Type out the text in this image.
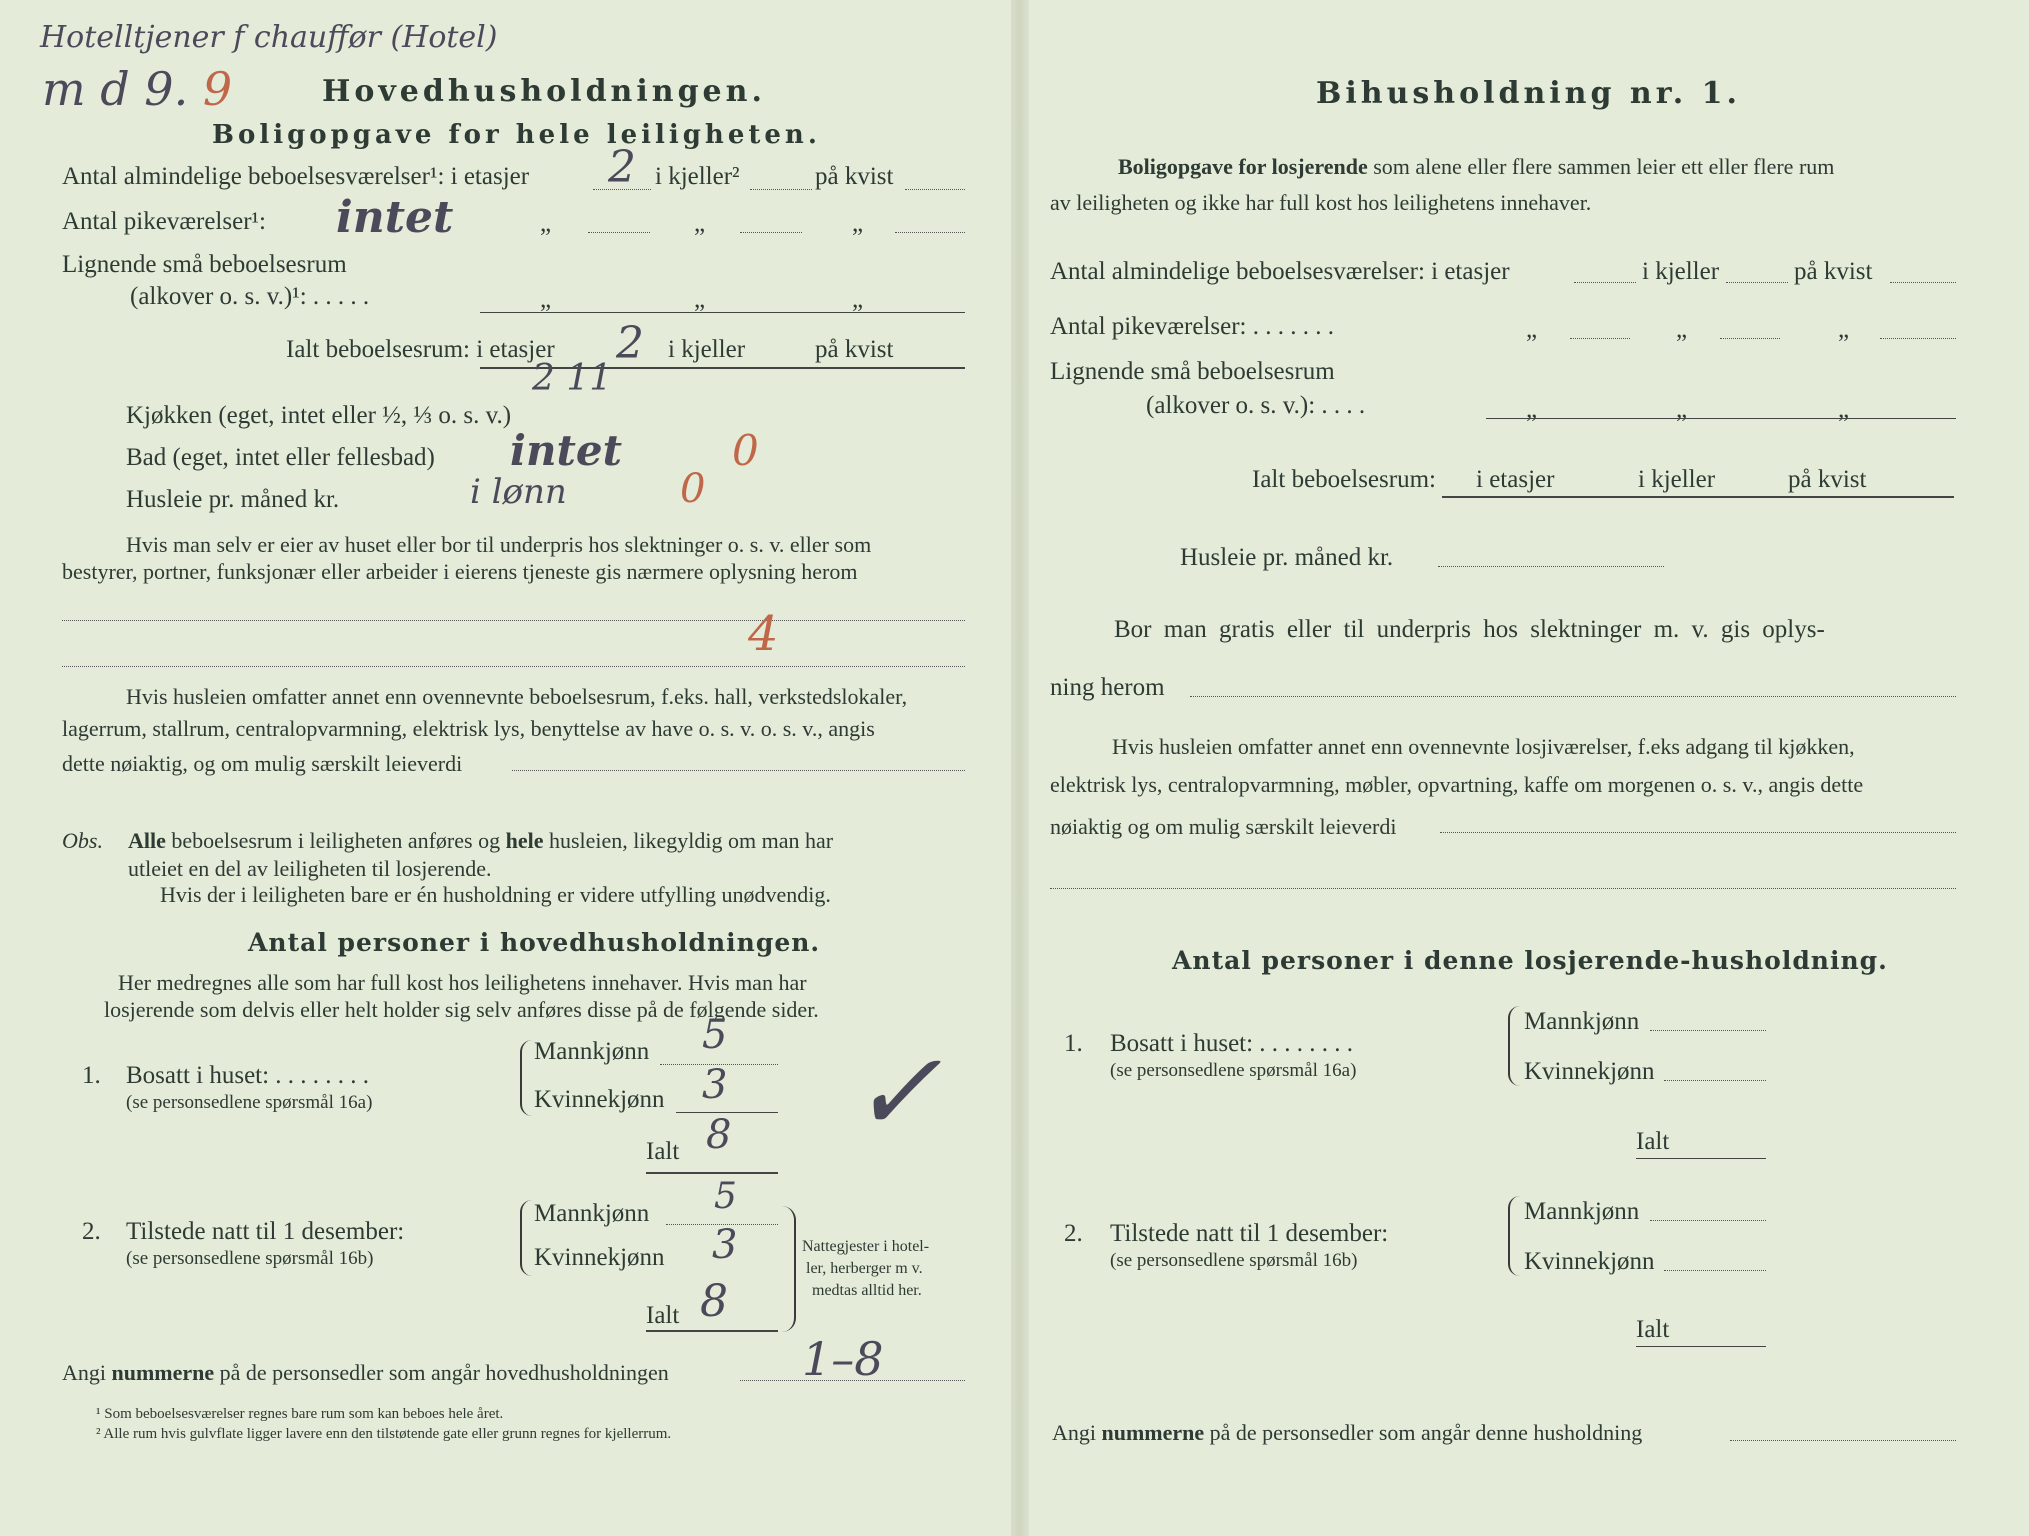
Hotelltjener f chauffør (Hotel)
m d 9. 9	Hovedhusholdningen.
Boligopgave for hele leiligheten.
Antal almindelige beboelsesværelser¹: i etasjer 2 i kjeller²	på kvist
Antal pikeværelser¹: intet	„	„	„
Lignende små beboelsesrum
(alkover o. s. v.)¹: . . . . .	„	„	„
Ialt beboelsesrum: i etasjer 2 i kjeller	på kvist
2 11
Kjøkken (eget, intet eller ½, ⅓ o. s. v.)
Bad (eget, intet eller fellesbad) intet	0
Husleie pr. måned kr.	i lønn	0
Hvis man selv er eier av huset eller bor til underpris hos slektninger o. s. v. eller som
bestyrer, portner, funksjonær eller arbeider i eierens tjeneste gis nærmere oplysning herom
4
Hvis husleien omfatter annet enn ovennevnte beboelsesrum, f.eks. hall, verkstedslokaler,
lagerrum, stallrum, centralopvarmning, elektrisk lys, benyttelse av have o. s. v. o. s. v., angis
dette nøiaktig, og om mulig særskilt leieverdi
Obs. Alle beboelsesrum i leiligheten anføres og hele husleien, likegyldig om man har
utleiet en del av leiligheten til losjerende.
Hvis der i leiligheten bare er én husholdning er videre utfylling unødvendig.
Antal personer i hovedhusholdningen.
Her medregnes alle som har full kost hos leilighetens innehaver. Hvis man har
losjerende som delvis eller helt holder sig selv anføres disse på de følgende sider.
1. Bosatt i huset: . . . . . . . .
(se personsedlene spørsmål 16a)
Mannkjønn 5
Kvinnekjønn 3
Ialt 8 ✓
2. Tilstede natt til 1 desember:
(se personsedlene spørsmål 16b)
Mannkjønn 5
Kvinnekjønn 3
Ialt 8
Nattegjester i hotel-
ler, herberger m v.
medtas alltid her.
Angi nummerne på de personsedler som angår hovedhusholdningen	1–8
¹ Som beboelsesværelser regnes bare rum som kan beboes hele året.
² Alle rum hvis gulvflate ligger lavere enn den tilstøtende gate eller grunn regnes for kjellerrum.
Bihusholdning nr. 1.
Boligopgave for losjerende som alene eller flere sammen leier ett eller flere rum
av leiligheten og ikke har full kost hos leilighetens innehaver.
Antal almindelige beboelsesværelser: i etasjer	i kjeller	på kvist
Antal pikeværelser: . . . . . . .	„	„	„
Lignende små beboelsesrum
(alkover o. s. v.): . . . .	„	„	„
Ialt beboelsesrum: i etasjer	i kjeller	på kvist
Husleie pr. måned kr.
Bor man gratis eller til underpris hos slektninger m. v. gis oplys-
ning herom
Hvis husleien omfatter annet enn ovennevnte losjiværelser, f.eks adgang til kjøkken,
elektrisk lys, centralopvarmning, møbler, opvartning, kaffe om morgenen o. s. v., angis dette
nøiaktig og om mulig særskilt leieverdi
Antal personer i denne losjerende-husholdning.
1. Bosatt i huset: . . . . . . . .
(se personsedlene spørsmål 16a)
Mannkjønn
Kvinnekjønn
Ialt
2. Tilstede natt til 1 desember:
(se personsedlene spørsmål 16b)
Mannkjønn
Kvinnekjønn
Ialt
Angi nummerne på de personsedler som angår denne husholdning
